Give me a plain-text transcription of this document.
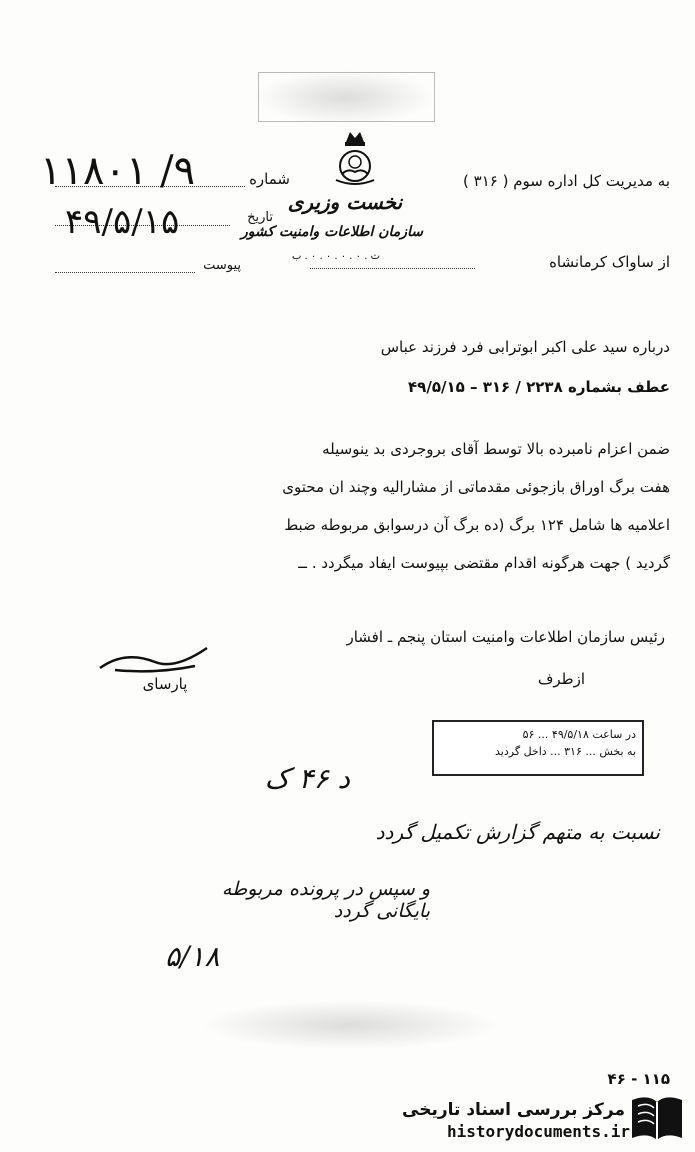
نخست وزیری
سازمان اطلاعات وامنیت کشور
ت . ۰ . ۰ . ۰ . ۰ . ب
شماره
۱۱۸۰۱ /۹
تاریخ
۴۹/۵/۱۵
پیوست
به مدیریت کل اداره سوم ( ۳۱۶ )
از ساواک کرمانشاه
درباره سید علی اکبر ابوترابی فرد فرزند عباس
عطف بشماره ۲۲۳۸ / ۳۱۶ – ۴۹/۵/۱۵
ضمن اعزام نامبرده بالا توسط آقای بروجردی بد ینوسیله
هفت برگ اوراق بازجوئی مقدماتی از مشارالیه وچند ان محتوی
اعلامیه ها شامل ۱۲۴ برگ (ده برگ آن درسوابق مربوطه ضبط
گردید ) جهت هرگونه اقدام مقتضی بپیوست ایفاد میگردد . ــ
رئیس سازمان اطلاعات وامنیت استان پنجم ـ افشار
ازطرف
پارسای
در ساعت ۴۹/۵/۱۸ ... ۵۶
به بخش ... ۳۱۶ ... داخل گردید
د ۴۶ ک
نسبت به متهم گزارش تکمیل گردد
و سپس در پرونده مربوطه بایگانی گردد
۵/۱۸
۴۶ - ۱۱۵
مرکز بررسی اسناد تاریخی
historydocuments.ir
